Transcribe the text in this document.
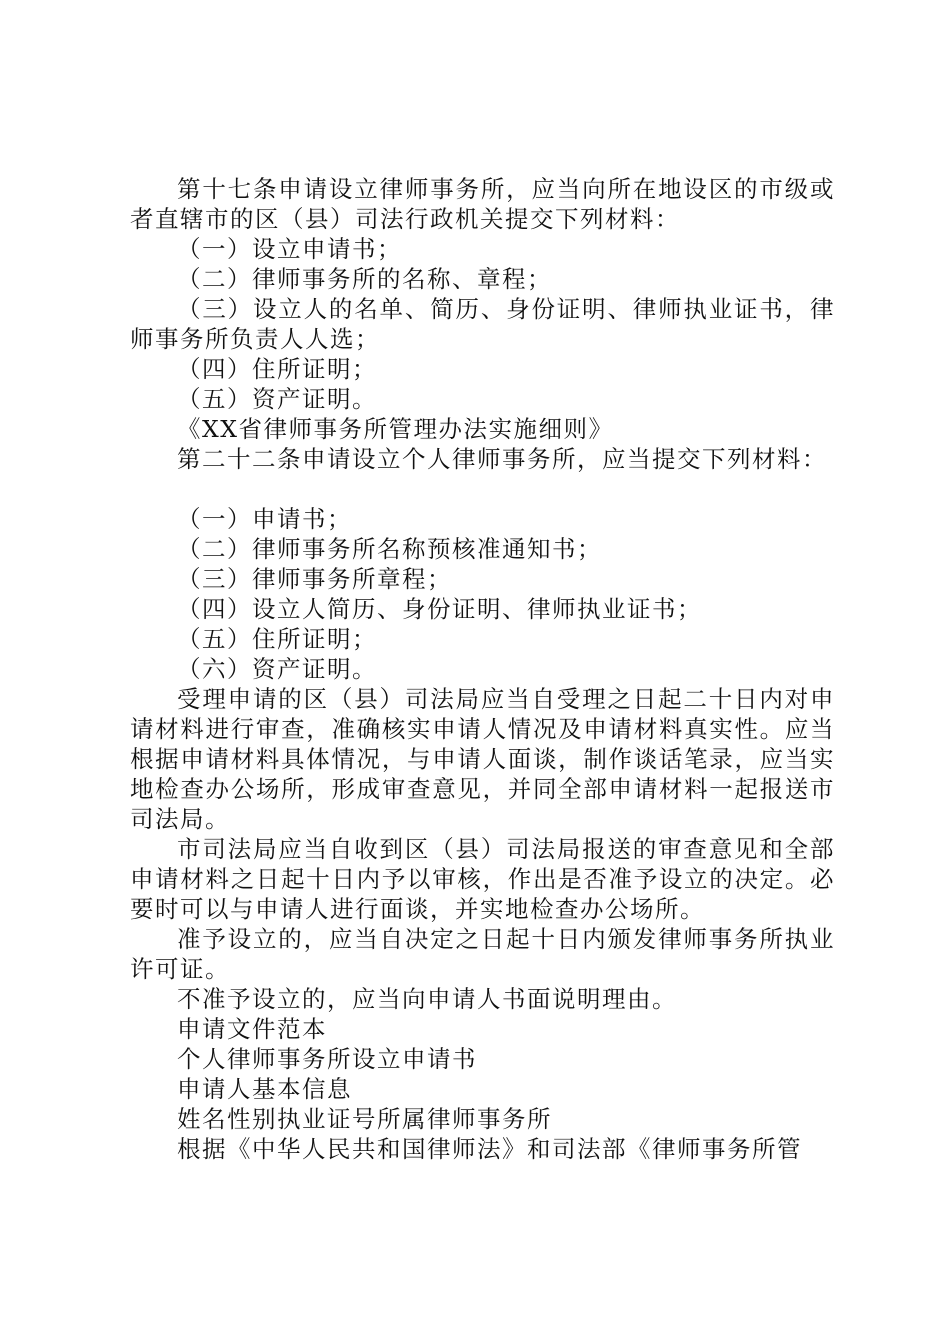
第十七条申请设立律师事务所，应当向所在地设区的市级或者直辖市的区（县）司法行政机关提交下列材料：

（一）设立申请书；

（二）律师事务所的名称、章程；

（三）设立人的名单、简历、身份证明、律师执业证书，律师事务所负责人人选；

（四）住所证明；

（五）资产证明。

《XX省律师事务所管理办法实施细则》

第二十二条申请设立个人律师事务所，应当提交下列材料：

（一）申请书；

（二）律师事务所名称预核准通知书；

（三）律师事务所章程；

（四）设立人简历、身份证明、律师执业证书；

（五）住所证明；

（六）资产证明。

受理申请的区（县）司法局应当自受理之日起二十日内对申请材料进行审查，准确核实申请人情况及申请材料真实性。应当根据申请材料具体情况，与申请人面谈，制作谈话笔录，应当实地检查办公场所，形成审查意见，并同全部申请材料一起报送市司法局。

市司法局应当自收到区（县）司法局报送的审查意见和全部申请材料之日起十日内予以审核，作出是否准予设立的决定。必要时可以与申请人进行面谈，并实地检查办公场所。

准予设立的，应当自决定之日起十日内颁发律师事务所执业许可证。

不准予设立的，应当向申请人书面说明理由。

申请文件范本

个人律师事务所设立申请书

申请人基本信息

姓名性别执业证号所属律师事务所

根据《中华人民共和国律师法》和司法部《律师事务所管
